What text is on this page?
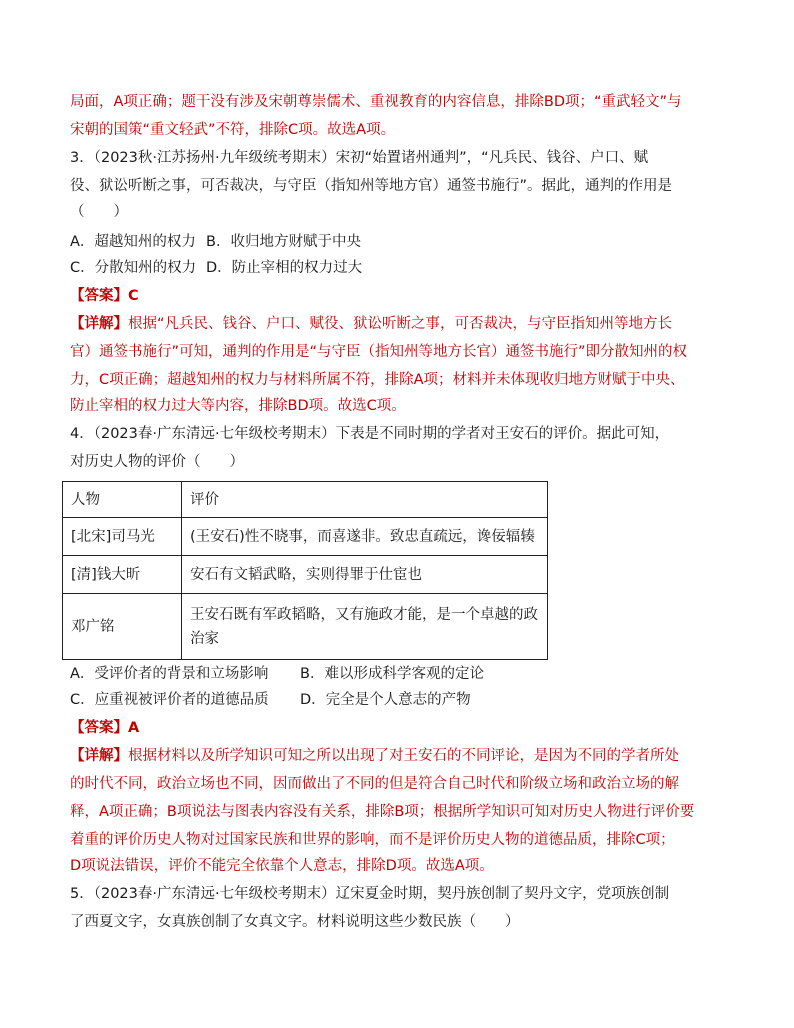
局面，A项正确；题干没有涉及宋朝尊崇儒术、重视教育的内容信息，排除BD项；“重武轻文”与
宋朝的国策“重文轻武”不符，排除C项。故选A项。
3．（2023秋·江苏扬州·九年级统考期末）宋初“始置诸州通判”，“凡兵民、钱谷、户口、赋
役、狱讼听断之事，可否裁决，与守臣（指知州等地方官）通签书施行”。据此，通判的作用是
（　　）
A．超越知州的权力 B．收归地方财赋于中央
C．分散知州的权力 D．防止宰相的权力过大
【答案】C
【详解】根据“凡兵民、钱谷、户口、赋役、狱讼听断之事，可否裁决，与守臣指知州等地方长
官）通签书施行”可知，通判的作用是“与守臣（指知州等地方长官）通签书施行”即分散知州的权
力，C项正确；超越知州的权力与材料所属不符，排除A项；材料并未体现收归地方财赋于中央、
防止宰相的权力过大等内容，排除BD项。故选C项。
4．（2023春·广东清远·七年级校考期末）下表是不同时期的学者对王安石的评价。据此可知，
对历史人物的评价（　　）
人物	评价
[北宋]司马光	(王安石)性不晓事，而喜遂非。致忠直疏远，谗佞辐辏
[清]钱大昕	安石有文韬武略，实则得罪于仕宦也
邓广铭	王安石既有军政韬略，又有施政才能，是一个卓越的政
治家
A．受评价者的背景和立场影响 B．难以形成科学客观的定论
C．应重视被评价者的道德品质 D．完全是个人意志的产物
【答案】A
【详解】根据材料以及所学知识可知之所以出现了对王安石的不同评论，是因为不同的学者所处
的时代不同，政治立场也不同，因而做出了不同的但是符合自己时代和阶级立场和政治立场的解
释，A项正确；B项说法与图表内容没有关系，排除B项；根据所学知识可知对历史人物进行评价要
着重的评价历史人物对过国家民族和世界的影响，而不是评价历史人物的道德品质，排除C项；
D项说法错误，评价不能完全依靠个人意志，排除D项。故选A项。
5．（2023春·广东清远·七年级校考期末）辽宋夏金时期，契丹族创制了契丹文字，党项族创制
了西夏文字，女真族创制了女真文字。材料说明这些少数民族（　　）
